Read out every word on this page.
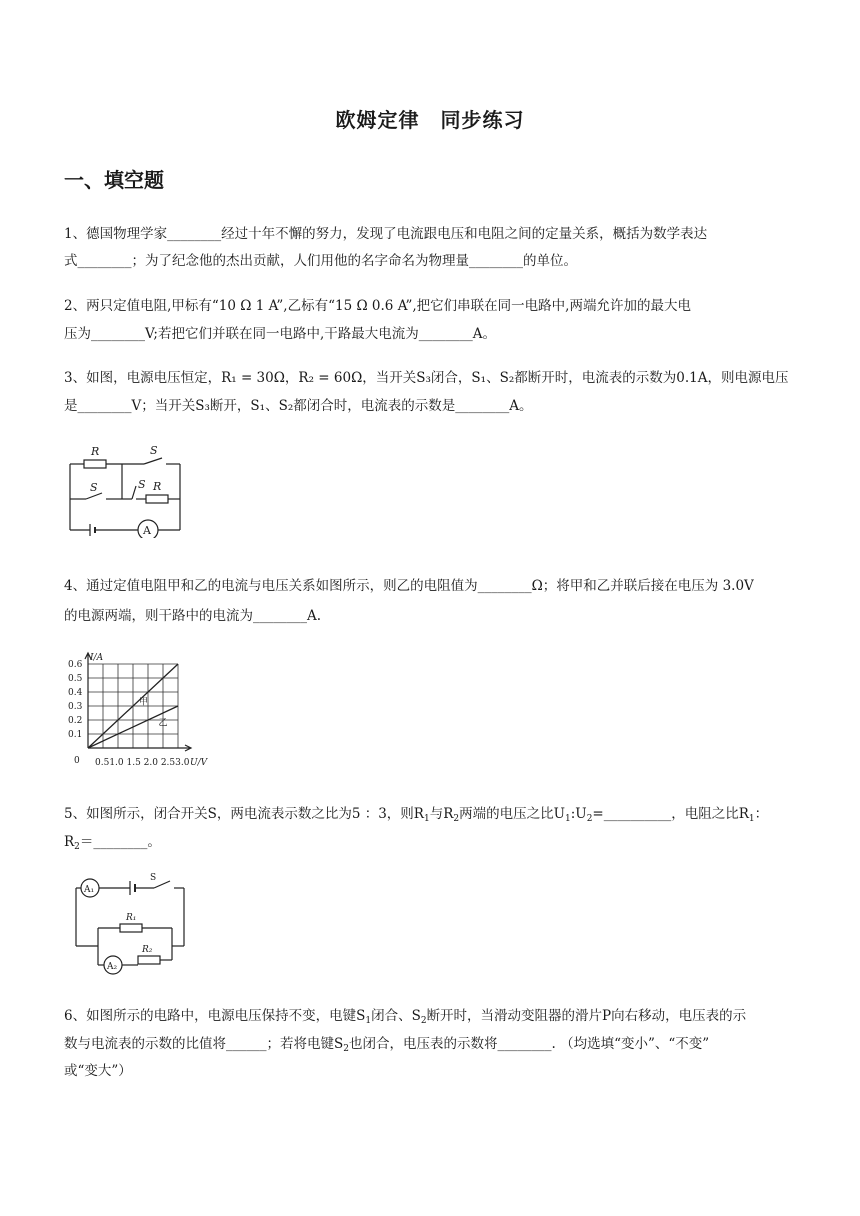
欧姆定律　同步练习
一、填空题
1、德国物理学家________经过十年不懈的努力，发现了电流跟电压和电阻之间的定量关系，概括为数学表达
式________；为了纪念他的杰出贡献，人们用他的名字命名为物理量________的单位。
2、两只定值电阻,甲标有“10 Ω 1 A”,乙标有“15 Ω 0.6 A”,把它们串联在同一电路中,两端允许加的最大电
压为________V;若把它们并联在同一电路中,干路最大电流为________A。
3、如图，电源电压恒定，R₁ = 30Ω，R₂ = 60Ω，当开关S₃闭合，S₁、S₂都断开时，电流表的示数为0.1A，则电源电压
是________V；当开关S₃断开，S₁、S₂都闭合时，电流表的示数是________A。
R	S
S	S R
A
4、通过定值电阻甲和乙的电流与电压关系如图所示，则乙的电阻值为________Ω；将甲和乙并联后接在电压为 3.0V
的电源两端，则干路中的电流为________A.
0.6
0.5
0.4
0.3
0.2
0.1
I/A
0 0.51.0 1.5 2.0 2.53.0 U/V
甲
乙
5、如图所示，闭合开关S，两电流表示数之比为5 ：3，则$R_1$与$R_2$两端的电压之比$U_1:U_2=\_\_\_\_\_\_\_\_\_\_$，电阻之比$R_1$：
$R_2=\_\_\_\_\_\_\_\_$。
A₁
A₂
S
R₁
R₂
6、如图所示的电路中，电源电压保持不变，电键$S_1$闭合、$S_2$断开时，当滑动变阻器的滑片P向右移动，电压表的示
数与电流表的示数的比值将______；若将电键$S_2$也闭合，电压表的示数将________. （均选填“变小”、“不变”
或“变大”）
